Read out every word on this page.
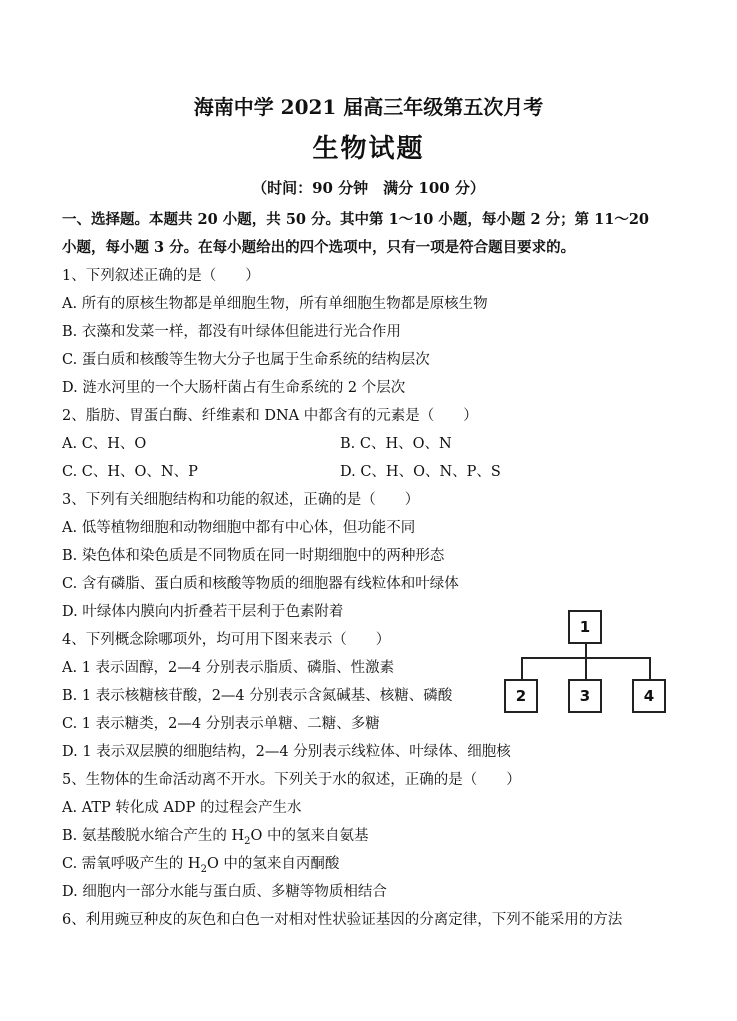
海南中学 2021 届高三年级第五次月考
生物试题
（时间：90 分钟　满分 100 分）
一、选择题。本题共 20 小题，共 50 分。其中第 1～10 小题，每小题 2 分；第 11～20
小题，每小题 3 分。在每小题给出的四个选项中，只有一项是符合题目要求的。
1、下列叙述正确的是（　　）
A. 所有的原核生物都是单细胞生物，所有单细胞生物都是原核生物
B. 衣藻和发菜一样，都没有叶绿体但能进行光合作用
C. 蛋白质和核酸等生物大分子也属于生命系统的结构层次
D. 涟水河里的一个大肠杆菌占有生命系统的 2 个层次
2、脂肪、胃蛋白酶、纤维素和 DNA 中都含有的元素是（　　）
A. C、H、O	B. C、H、O、N
C. C、H、O、N、P	D. C、H、O、N、P、S
3、下列有关细胞结构和功能的叙述，正确的是（　　）
A. 低等植物细胞和动物细胞中都有中心体，但功能不同
B. 染色体和染色质是不同物质在同一时期细胞中的两种形态
C. 含有磷脂、蛋白质和核酸等物质的细胞器有线粒体和叶绿体
D. 叶绿体内膜向内折叠若干层利于色素附着
4、下列概念除哪项外，均可用下图来表示（　　）
A. 1 表示固醇，2—4 分别表示脂质、磷脂、性激素
B. 1 表示核糖核苷酸，2—4 分别表示含氮碱基、核糖、磷酸
C. 1 表示糖类，2—4 分别表示单糖、二糖、多糖
D. 1 表示双层膜的细胞结构，2—4 分别表示线粒体、叶绿体、细胞核
1
2	3	4
5、生物体的生命活动离不开水。下列关于水的叙述，正确的是（　　）
A. ATP 转化成 ADP 的过程会产生水
B. 氨基酸脱水缩合产生的 $H_2O$ 中的氢来自氨基
C. 需氧呼吸产生的 $H_2O$ 中的氢来自丙酮酸
D. 细胞内一部分水能与蛋白质、多糖等物质相结合
6、利用豌豆种皮的灰色和白色一对相对性状验证基因的分离定律，下列不能采用的方法
